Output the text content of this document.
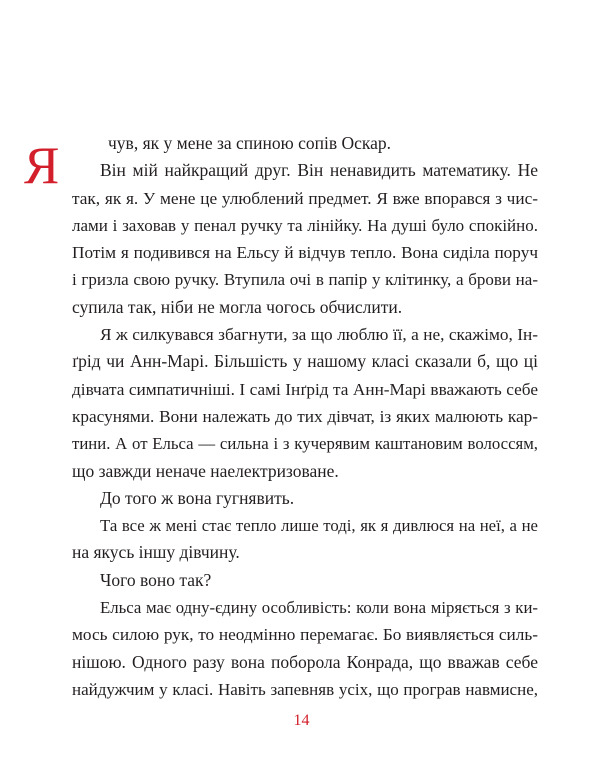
Я	чув, як у мене за спиною сопів Оскар.
Він мій найкращий друг. Він ненавидить математику. Не
так, як я. У мене це улюблений предмет. Я вже впорався з чис-
лами і заховав у пенал ручку та лінійку. На душі було спокійно.
Потім я подивився на Ельсу й відчув тепло. Вона сиділа поруч
і гризла свою ручку. Втупила очі в папір у клітинку, а брови на-
супила так, ніби не могла чогось обчислити.
Я ж силкувався збагнути, за що люблю її, а не, скажімо, Ін-
ґрід чи Анн-Марі. Більшість у нашому класі сказали б, що ці
дівчата симпатичніші. І самі Інґрід та Анн-Марі вважають себе
красунями. Вони належать до тих дівчат, із яких малюють кар-
тини. А от Ельса — сильна і з кучерявим каштановим волоссям,
що завжди неначе наелектризоване.
До того ж вона гугнявить.
Та все ж мені стає тепло лише тоді, як я дивлюся на неї, а не
на якусь іншу дівчину.
Чого воно так?
Ельса має одну-єдину особливість: коли вона міряється з ки-
мось силою рук, то неодмінно перемагає. Бо виявляється силь-
нішою. Одного разу вона поборола Конрада, що вважав себе
найдужчим у класі. Навіть запевняв усіх, що програв навмисне,
14
